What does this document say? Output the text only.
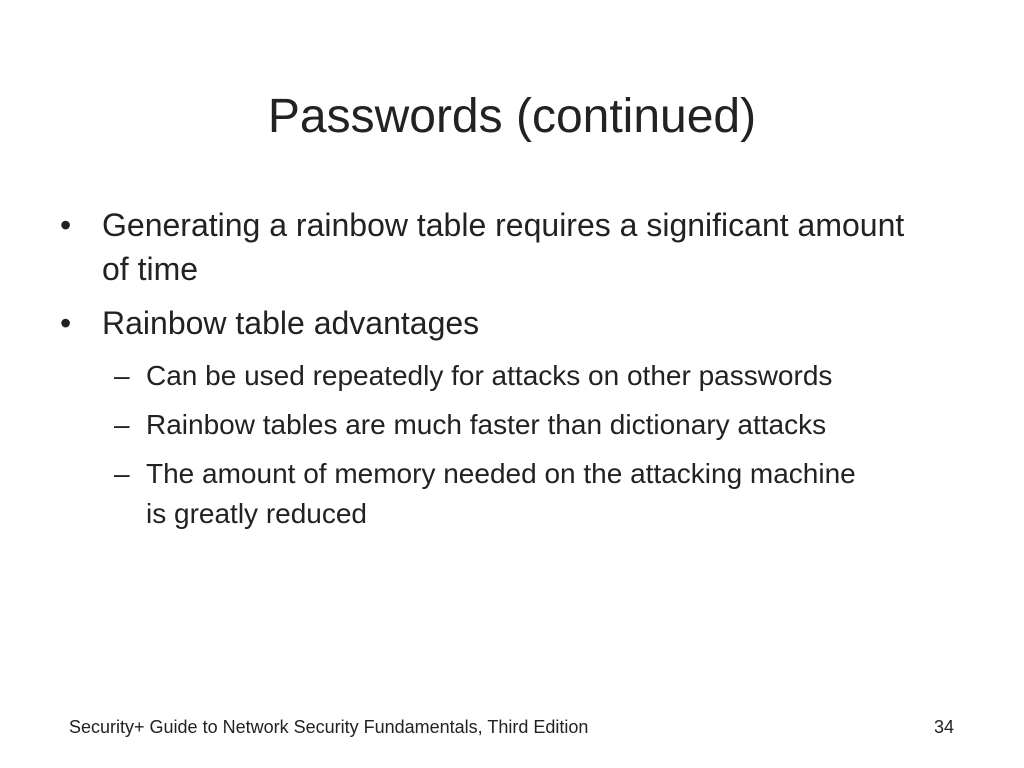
Passwords (continued)
• Generating a rainbow table requires a significant amount of time
• Rainbow table advantages
– Can be used repeatedly for attacks on other passwords
– Rainbow tables are much faster than dictionary attacks
– The amount of memory needed on the attacking machine is greatly reduced
Security+ Guide to Network Security Fundamentals, Third Edition	34
